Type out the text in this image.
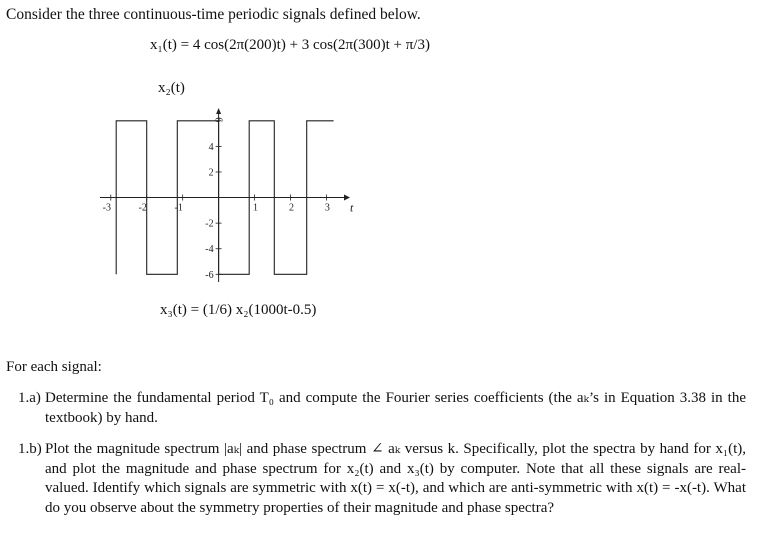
Consider the three continuous-time periodic signals defined below.
x₁(t) = 4 cos(2π(200)t) + 3 cos(2π(300)t + π/3)
x₂(t)
t
-3	-2	-1	1	2	3
6
4
2
-2
-4
-6
x₃(t) = (1/6) x₂(1000t-0.5)
For each signal:
1.a) Determine the fundamental period T₀ and compute the Fourier series coefficients (the aₖ’s in Equation 3.38 in the textbook) by hand.
1.b) Plot the magnitude spectrum |aₖ| and phase spectrum ∠ aₖ versus k. Specifically, plot the spectra by hand for x₁(t), and plot the magnitude and phase spectrum for x₂(t) and x₃(t) by computer. Note that all these signals are real-valued. Identify which signals are symmetric with x(t) = x(-t), and which are anti-symmetric with x(t) = -x(-t). What do you observe about the symmetry properties of their magnitude and phase spectra?
